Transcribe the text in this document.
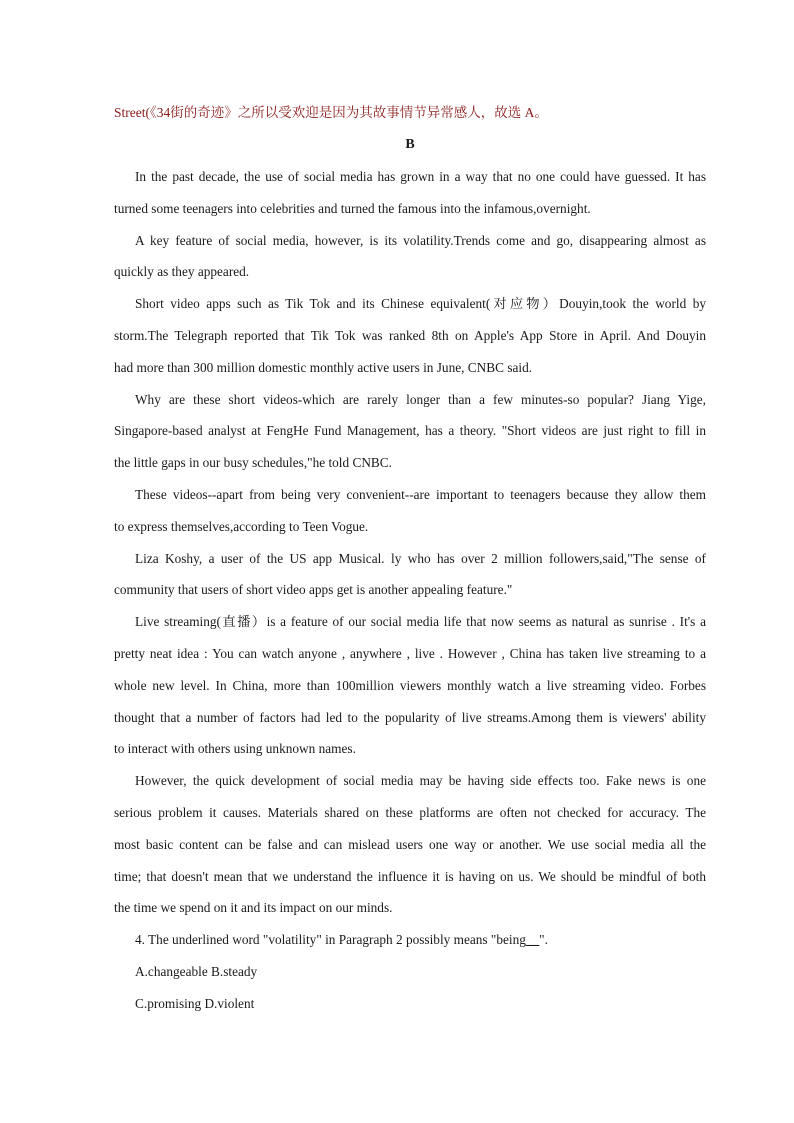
Street(《34街的奇迹》之所以受欢迎是因为其故事情节异常感人，故选 A。
B
In the past decade, the use of social media has grown in a way that no one could have guessed. It has
turned some teenagers into celebrities and turned the famous into the infamous,overnight.
A key feature of social media, however, is its volatility.Trends come and go, disappearing almost as
quickly as they appeared.
Short video apps such as Tik Tok and its Chinese equivalent(对应物）Douyin,took the world by
storm.The Telegraph reported that Tik Tok was ranked 8th on Apple's App Store in April. And Douyin
had more than 300 million domestic monthly active users in June, CNBC said.
Why are these short videos-which are rarely longer than a few minutes-so popular? Jiang Yige,
Singapore-based analyst at FengHe Fund Management, has a theory. "Short videos are just right to fill in
the little gaps in our busy schedules,"he told CNBC.
These videos--apart from being very convenient--are important to teenagers because they allow them
to express themselves,according to Teen Vogue.
Liza Koshy, a user of the US app Musical. ly who has over 2 million followers,said,"The sense of
community that users of short video apps get is another appealing feature."
Live streaming(直播）is a feature of our social media life that now seems as natural as sunrise . It's a
pretty neat idea : You can watch anyone , anywhere , live . However , China has taken live streaming to a
whole new level. In China, more than 100million viewers monthly watch a live streaming video. Forbes
thought that a number of factors had led to the popularity of live streams.Among them is viewers' ability
to interact with others using unknown names.
However, the quick development of social media may be having side effects too. Fake news is one
serious problem it causes. Materials shared on these platforms are often not checked for accuracy. The
most basic content can be false and can mislead users one way or another. We use social media all the
time; that doesn't mean that we understand the influence it is having on us. We should be mindful of both
the time we spend on it and its impact on our minds.
4. The underlined word "volatility" in Paragraph 2 possibly means "being__".
A.changeable B.steady
C.promising D.violent
